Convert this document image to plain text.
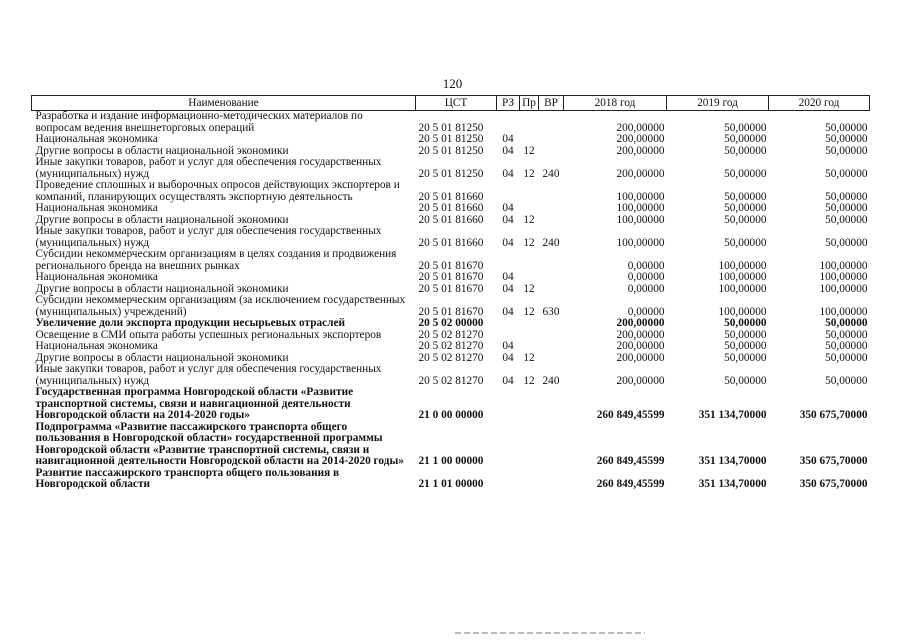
120
Наименование	ЦСТ	РЗ	Пр	ВР	2018 год	2019 год	2020 год
Разработка и издание информационно-методических материалов по вопросам ведения внешнеторговых операций	20 5 01 81250				200,00000	50,00000	50,00000
Национальная экономика	20 5 01 81250	04			200,00000	50,00000	50,00000
Другие вопросы в области национальной экономики	20 5 01 81250	04	12		200,00000	50,00000	50,00000
Иные закупки товаров, работ и услуг для обеспечения государственных (муниципальных) нужд	20 5 01 81250	04	12	240	200,00000	50,00000	50,00000
Проведение сплошных и выборочных опросов действующих экспортеров и компаний, планирующих осуществлять экспортную деятельность	20 5 01 81660				100,00000	50,00000	50,00000
Национальная экономика	20 5 01 81660	04			100,00000	50,00000	50,00000
Другие вопросы в области национальной экономики	20 5 01 81660	04	12		100,00000	50,00000	50,00000
Иные закупки товаров, работ и услуг для обеспечения государственных (муниципальных) нужд	20 5 01 81660	04	12	240	100,00000	50,00000	50,00000
Субсидии некоммерческим организациям в целях создания и продвижения регионального бренда на внешних рынках	20 5 01 81670				0,00000	100,00000	100,00000
Национальная экономика	20 5 01 81670	04			0,00000	100,00000	100,00000
Другие вопросы в области национальной экономики	20 5 01 81670	04	12		0,00000	100,00000	100,00000
Субсидии некоммерческим организациям (за исключением государственных (муниципальных) учреждений)	20 5 01 81670	04	12	630	0,00000	100,00000	100,00000
Увеличение доли экспорта продукции несырьевых отраслей	20 5 02 00000				200,00000	50,00000	50,00000
Освещение в СМИ опыта работы успешных региональных экспортеров	20 5 02 81270				200,00000	50,00000	50,00000
Национальная экономика	20 5 02 81270	04			200,00000	50,00000	50,00000
Другие вопросы в области национальной экономики	20 5 02 81270	04	12		200,00000	50,00000	50,00000
Иные закупки товаров, работ и услуг для обеспечения государственных (муниципальных) нужд	20 5 02 81270	04	12	240	200,00000	50,00000	50,00000
Государственная программа Новгородской области «Развитие транспортной системы, связи и навигационной деятельности Новгородской области на 2014-2020 годы»	21 0 00 00000				260 849,45599	351 134,70000	350 675,70000
Подпрограмма «Развитие пассажирского транспорта общего пользования в Новгородской области» государственной программы Новгородской области «Развитие транспортной системы, связи и навигационной деятельности Новгородской области на 2014-2020 годы»	21 1 00 00000				260 849,45599	351 134,70000	350 675,70000
Развитие пассажирского транспорта общего пользования в Новгородской области	21 1 01 00000				260 849,45599	351 134,70000	350 675,70000
